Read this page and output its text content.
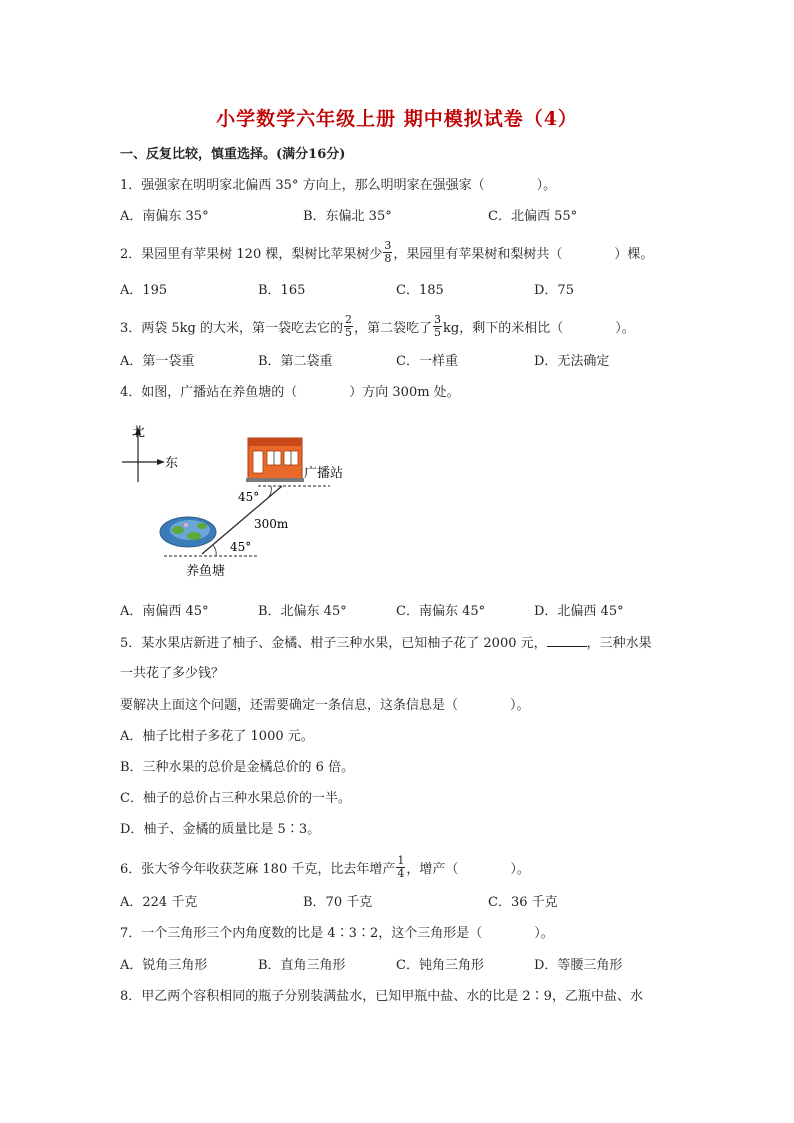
小学数学六年级上册 期中模拟试卷（4）
一、反复比较，慎重选择。(满分16分)
1．强强家在明明家北偏西 35° 方向上，那么明明家在强强家（　　　　）。
A．南偏东 35°	B．东偏北 35°	C．北偏西 55°
2．果园里有苹果树 120 棵，梨树比苹果树少 $\frac{3}{8}$ ，果园里有苹果树和梨树共（　　　　）棵。
A．195	B．165	C．185	D．75
3．两袋 5kg 的大米，第一袋吃去它的 $\frac{2}{5}$ ，第二袋吃了 $\frac{3}{5}$ kg，剩下的米相比（　　　　）。
A．第一袋重	B．第二袋重	C．一样重	D．无法确定
4．如图，广播站在养鱼塘的（　　　　）方向 300m 处。
北
东
广播站
45°
300m
45°
养鱼塘
A．南偏西 45°	B．北偏东 45°	C．南偏东 45°	D．北偏西 45°
5．某水果店新进了柚子、金橘、柑子三种水果，已知柚子花了 2000 元，	，三种水果
一共花了多少钱？
要解决上面这个问题，还需要确定一条信息，这条信息是（　　　　）。
A．柚子比柑子多花了 1000 元。
B．三种水果的总价是金橘总价的 6 倍。
C．柚子的总价占三种水果总价的一半。
D．柚子、金橘的质量比是 5∶3。
6．张大爷今年收获芝麻 180 千克，比去年增产 $\frac{1}{4}$ ，增产（　　　　）。
A．224 千克	B．70 千克	C．36 千克
7．一个三角形三个内角度数的比是 4∶3∶2，这个三角形是（　　　　）。
A．锐角三角形	B．直角三角形	C．钝角三角形	D．等腰三角形
8．甲乙两个容积相同的瓶子分别装满盐水，已知甲瓶中盐、水的比是 2∶9，乙瓶中盐、水
